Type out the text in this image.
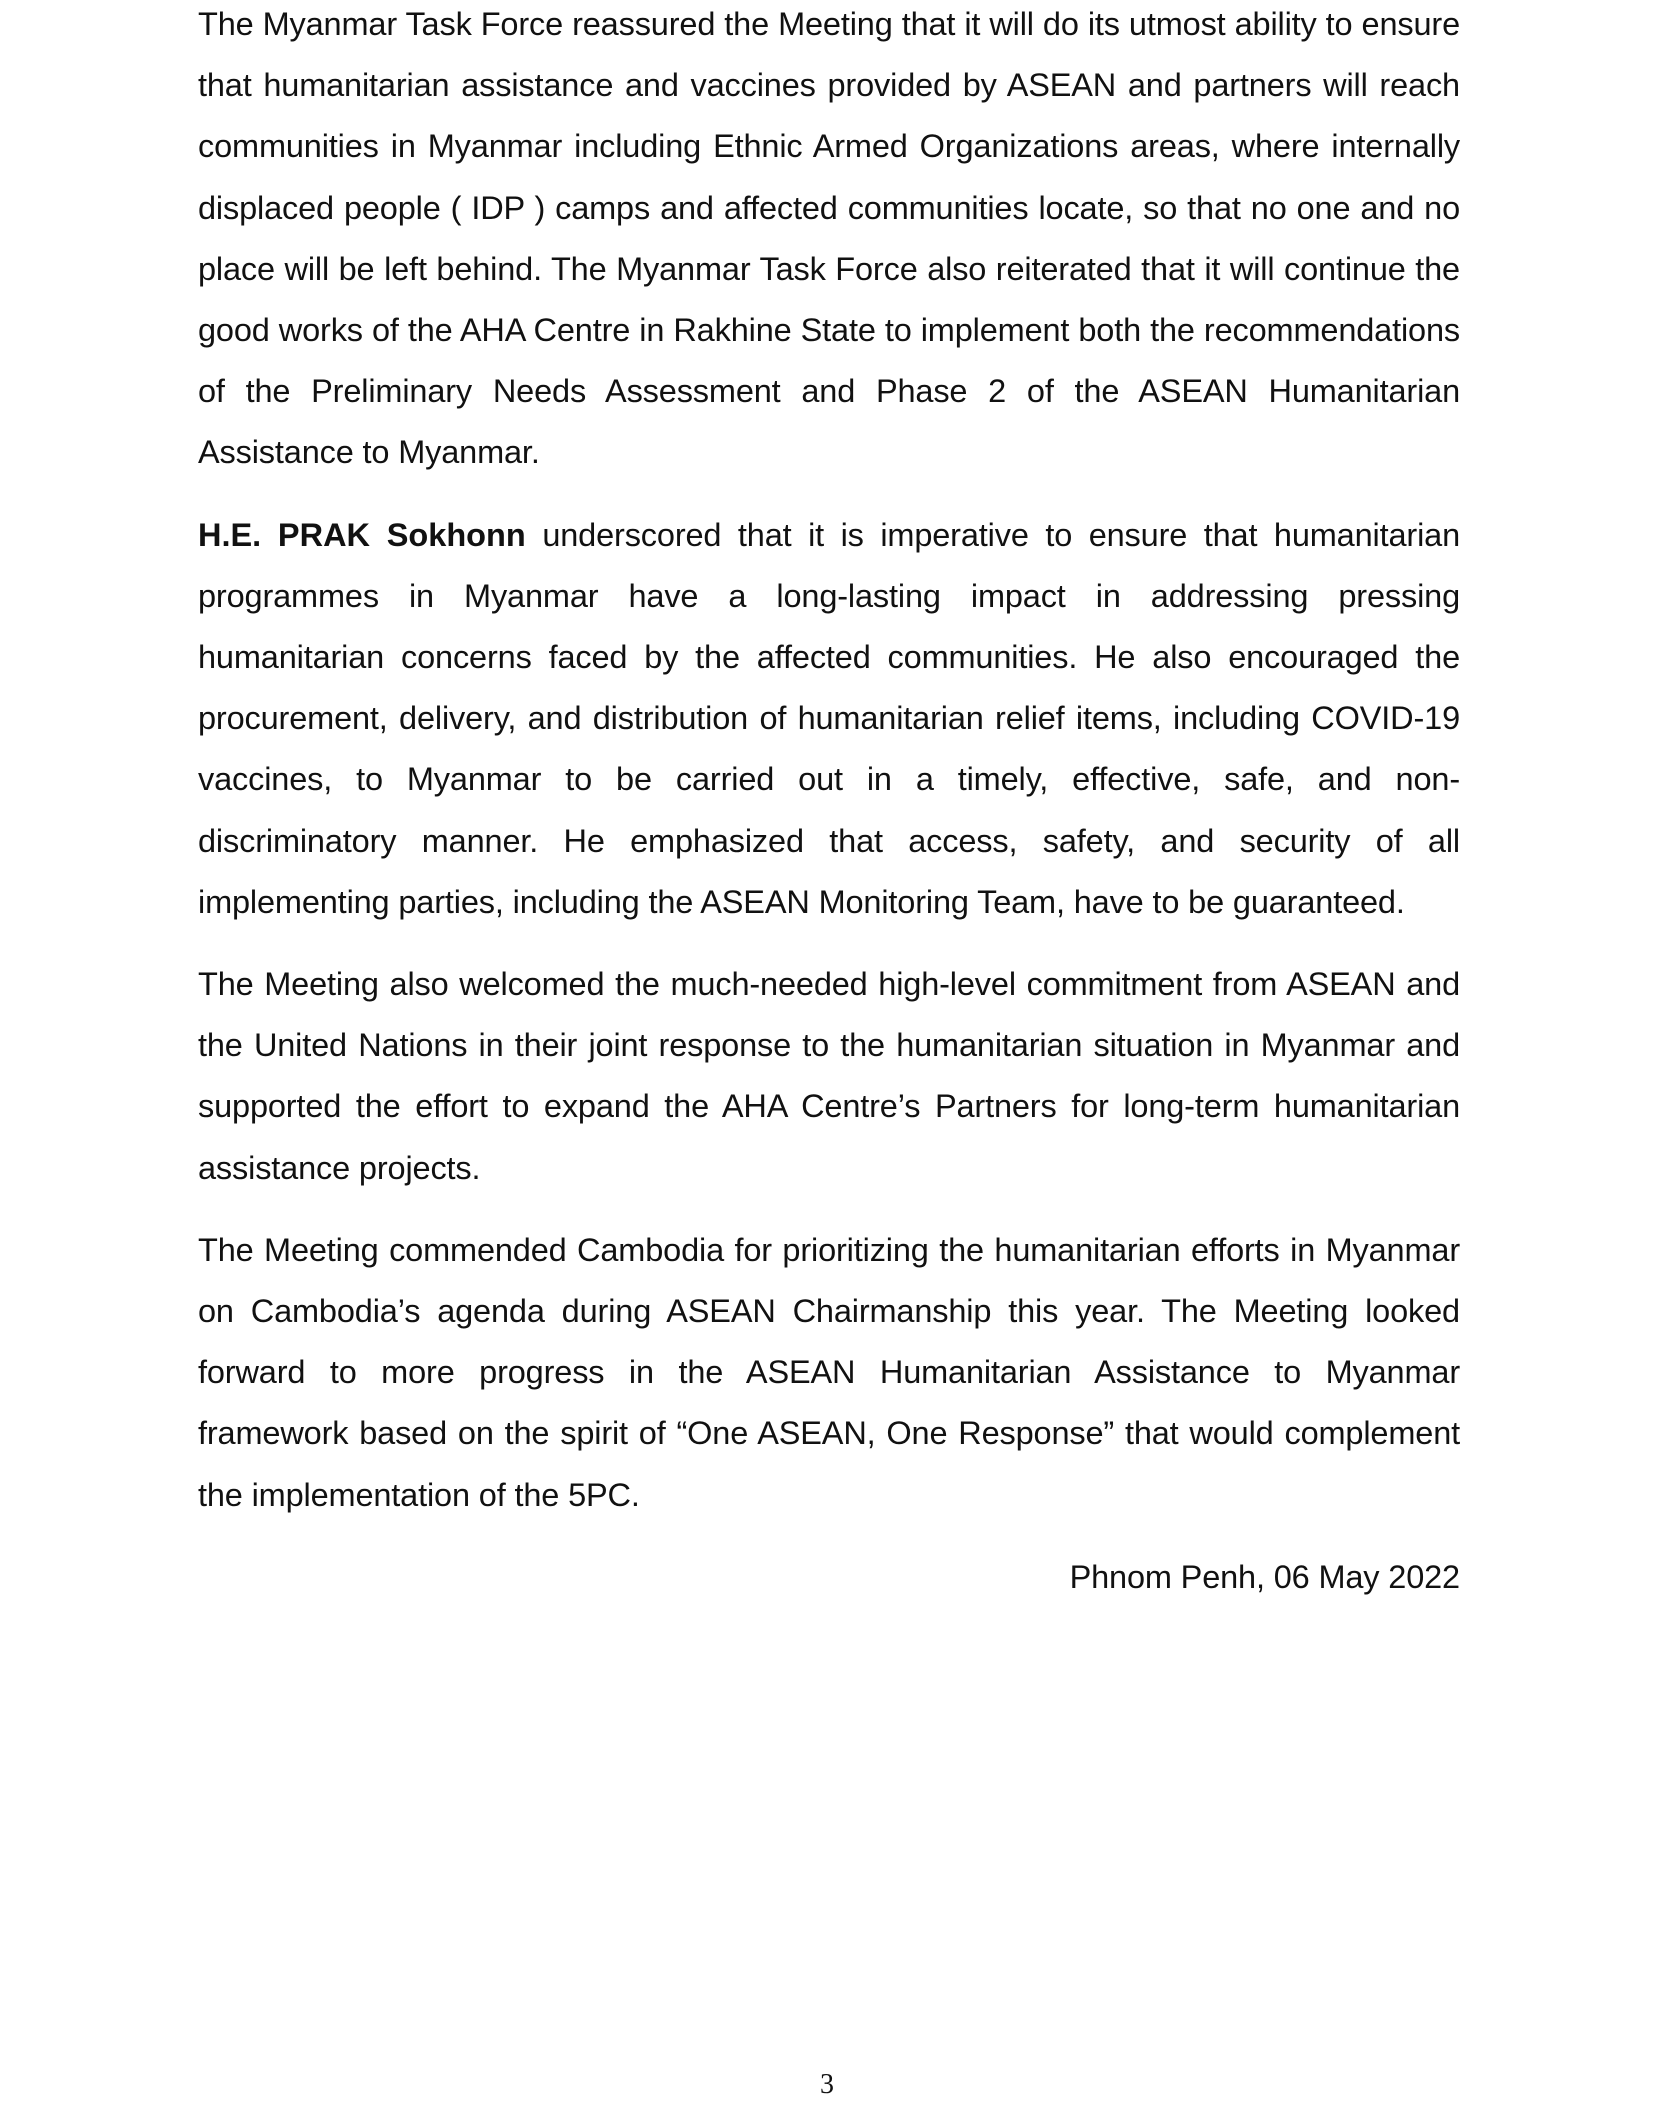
The Myanmar Task Force reassured the Meeting that it will do its utmost ability to ensure that humanitarian assistance and vaccines provided by ASEAN and partners will reach communities in Myanmar including Ethnic Armed Organizations areas, where internally displaced people ( IDP ) camps and affected communities locate, so that no one and no place will be left behind. The Myanmar Task Force also reiterated that it will continue the good works of the AHA Centre in Rakhine State to implement both the recommendations of the Preliminary Needs Assessment and Phase 2 of the ASEAN Humanitarian Assistance to Myanmar.

H.E. PRAK Sokhonn underscored that it is imperative to ensure that humanitarian programmes in Myanmar have a long-lasting impact in addressing pressing humanitarian concerns faced by the affected communities. He also encouraged the procurement, delivery, and distribution of humanitarian relief items, including COVID-19 vaccines, to Myanmar to be carried out in a timely, effective, safe, and non-discriminatory manner. He emphasized that access, safety, and security of all implementing parties, including the ASEAN Monitoring Team, have to be guaranteed.

The Meeting also welcomed the much-needed high-level commitment from ASEAN and the United Nations in their joint response to the humanitarian situation in Myanmar and supported the effort to expand the AHA Centre’s Partners for long-term humanitarian assistance projects.

The Meeting commended Cambodia for prioritizing the humanitarian efforts in Myanmar on Cambodia’s agenda during ASEAN Chairmanship this year. The Meeting looked forward to more progress in the ASEAN Humanitarian Assistance to Myanmar framework based on the spirit of “One ASEAN, One Response” that would complement the implementation of the 5PC.

Phnom Penh, 06 May 2022

3
